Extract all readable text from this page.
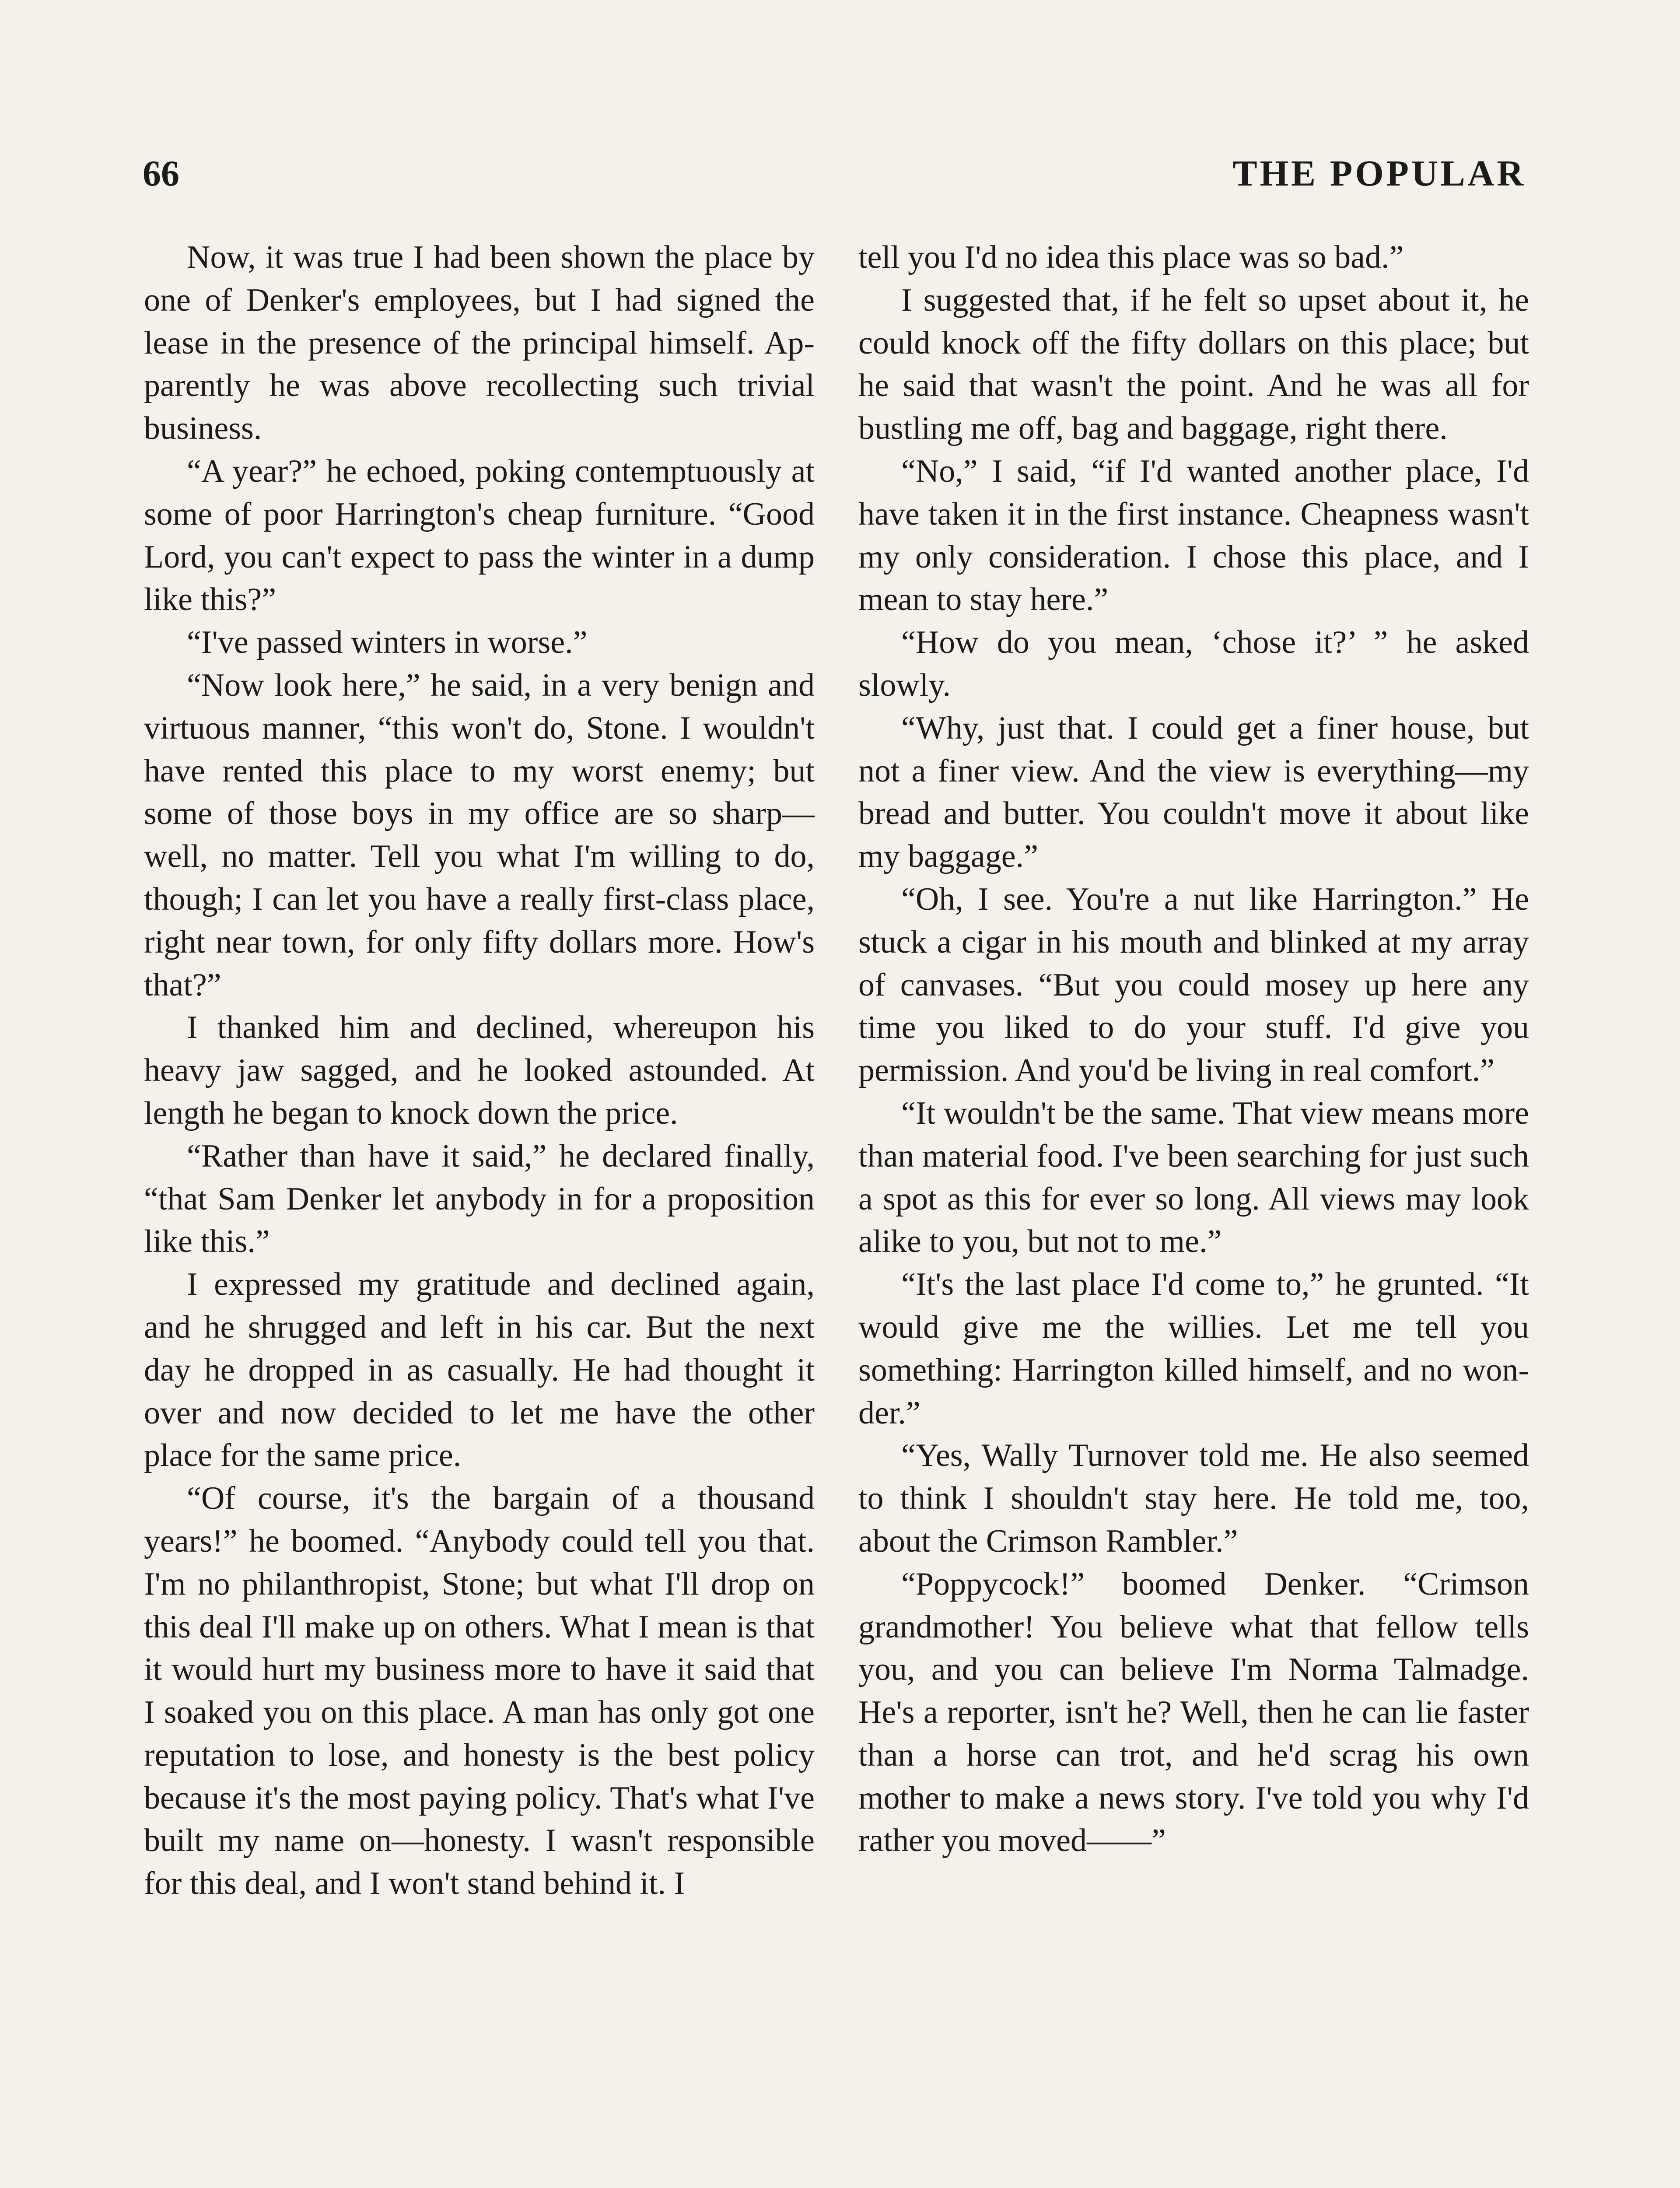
66	THE POPULAR

Now, it was true I had been shown the place by one of Denker's employees, but I had signed the lease in the presence of the principal himself. Apparently he was above recollecting such trivial business.

“A year?” he echoed, poking contemptuously at some of poor Harrington's cheap furniture. “Good Lord, you can't expect to pass the winter in a dump like this?”

“I've passed winters in worse.”

“Now look here,” he said, in a very benign and virtuous manner, “this won't do, Stone. I wouldn't have rented this place to my worst enemy; but some of those boys in my office are so sharp—well, no matter. Tell you what I'm willing to do, though; I can let you have a really first-class place, right near town, for only fifty dollars more. How's that?”

I thanked him and declined, whereupon his heavy jaw sagged, and he looked astounded. At length he began to knock down the price.

“Rather than have it said,” he declared finally, “that Sam Denker let anybody in for a proposition like this.”

I expressed my gratitude and declined again, and he shrugged and left in his car. But the next day he dropped in as casually. He had thought it over and now decided to let me have the other place for the same price.

“Of course, it's the bargain of a thousand years!” he boomed. “Anybody could tell you that. I'm no philanthropist, Stone; but what I'll drop on this deal I'll make up on others. What I mean is that it would hurt my business more to have it said that I soaked you on this place. A man has only got one reputation to lose, and honesty is the best policy because it's the most paying policy. That's what I've built my name on—honesty. I wasn't responsible for this deal, and I won't stand behind it. I

tell you I'd no idea this place was so bad.”

I suggested that, if he felt so upset about it, he could knock off the fifty dollars on this place; but he said that wasn't the point. And he was all for bustling me off, bag and baggage, right there.

“No,” I said, “if I'd wanted another place, I'd have taken it in the first instance. Cheapness wasn't my only consideration. I chose this place, and I mean to stay here.”

“How do you mean, ‘chose it?’ ” he asked slowly.

“Why, just that. I could get a finer house, but not a finer view. And the view is everything—my bread and butter. You couldn't move it about like my baggage.”

“Oh, I see. You're a nut like Harrington.” He stuck a cigar in his mouth and blinked at my array of canvases. “But you could mosey up here any time you liked to do your stuff. I'd give you permission. And you'd be living in real comfort.”

“It wouldn't be the same. That view means more than material food. I've been searching for just such a spot as this for ever so long. All views may look alike to you, but not to me.”

“It's the last place I'd come to,” he grunted. “It would give me the willies. Let me tell you something: Harrington killed himself, and no wonder.”

“Yes, Wally Turnover told me. He also seemed to think I shouldn't stay here. He told me, too, about the Crimson Rambler.”

“Poppycock!” boomed Denker. “Crimson grandmother! You believe what that fellow tells you, and you can believe I'm Norma Talmadge. He's a reporter, isn't he? Well, then he can lie faster than a horse can trot, and he'd scrag his own mother to make a news story. I've told you why I'd rather you moved——”
